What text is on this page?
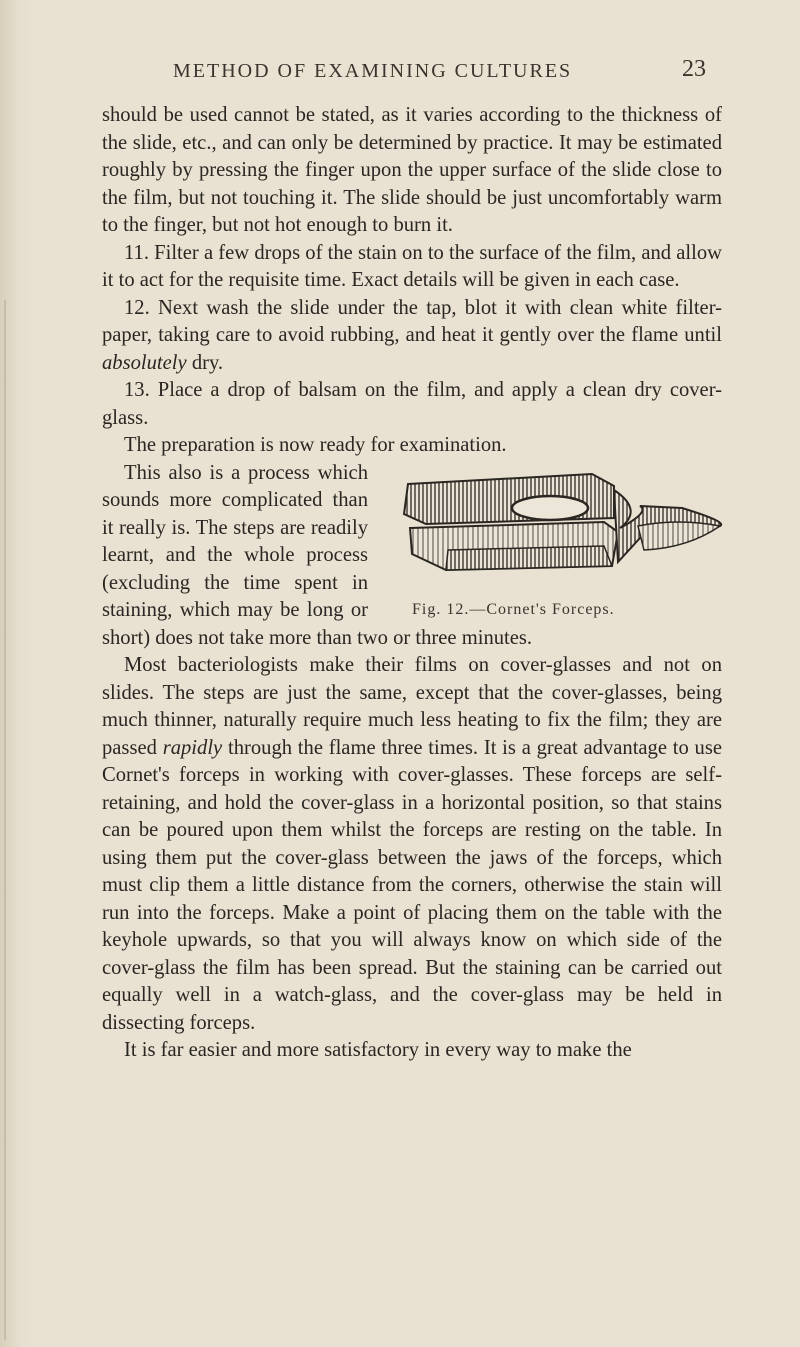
METHOD OF EXAMINING CULTURES	23

should be used cannot be stated, as it varies according to the thickness of the slide, etc., and can only be determined by practice. It may be estimated roughly by pressing the finger upon the upper surface of the slide close to the film, but not touching it. The slide should be just uncomfortably warm to the finger, but not hot enough to burn it.

11. Filter a few drops of the stain on to the surface of the film, and allow it to act for the requisite time. Exact details will be given in each case.

12. Next wash the slide under the tap, blot it with clean white filter-paper, taking care to avoid rubbing, and heat it gently over the flame until absolutely dry.

13. Place a drop of balsam on the film, and apply a clean dry cover-glass.

The preparation is now ready for examination.

Fig. 12.—Cornet's Forceps.

This also is a process which sounds more complicated than it really is. The steps are readily learnt, and the whole process (excluding the time spent in staining, which may be long or short) does not take more than two or three minutes.

Most bacteriologists make their films on cover-glasses and not on slides. The steps are just the same, except that the cover-glasses, being much thinner, naturally require much less heating to fix the film; they are passed rapidly through the flame three times. It is a great advantage to use Cornet's forceps in working with cover-glasses. These forceps are self-retaining, and hold the cover-glass in a horizontal position, so that stains can be poured upon them whilst the forceps are resting on the table. In using them put the cover-glass between the jaws of the forceps, which must clip them a little distance from the corners, otherwise the stain will run into the forceps. Make a point of placing them on the table with the keyhole upwards, so that you will always know on which side of the cover-glass the film has been spread. But the staining can be carried out equally well in a watch-glass, and the cover-glass may be held in dissecting forceps.

It is far easier and more satisfactory in every way to make the
